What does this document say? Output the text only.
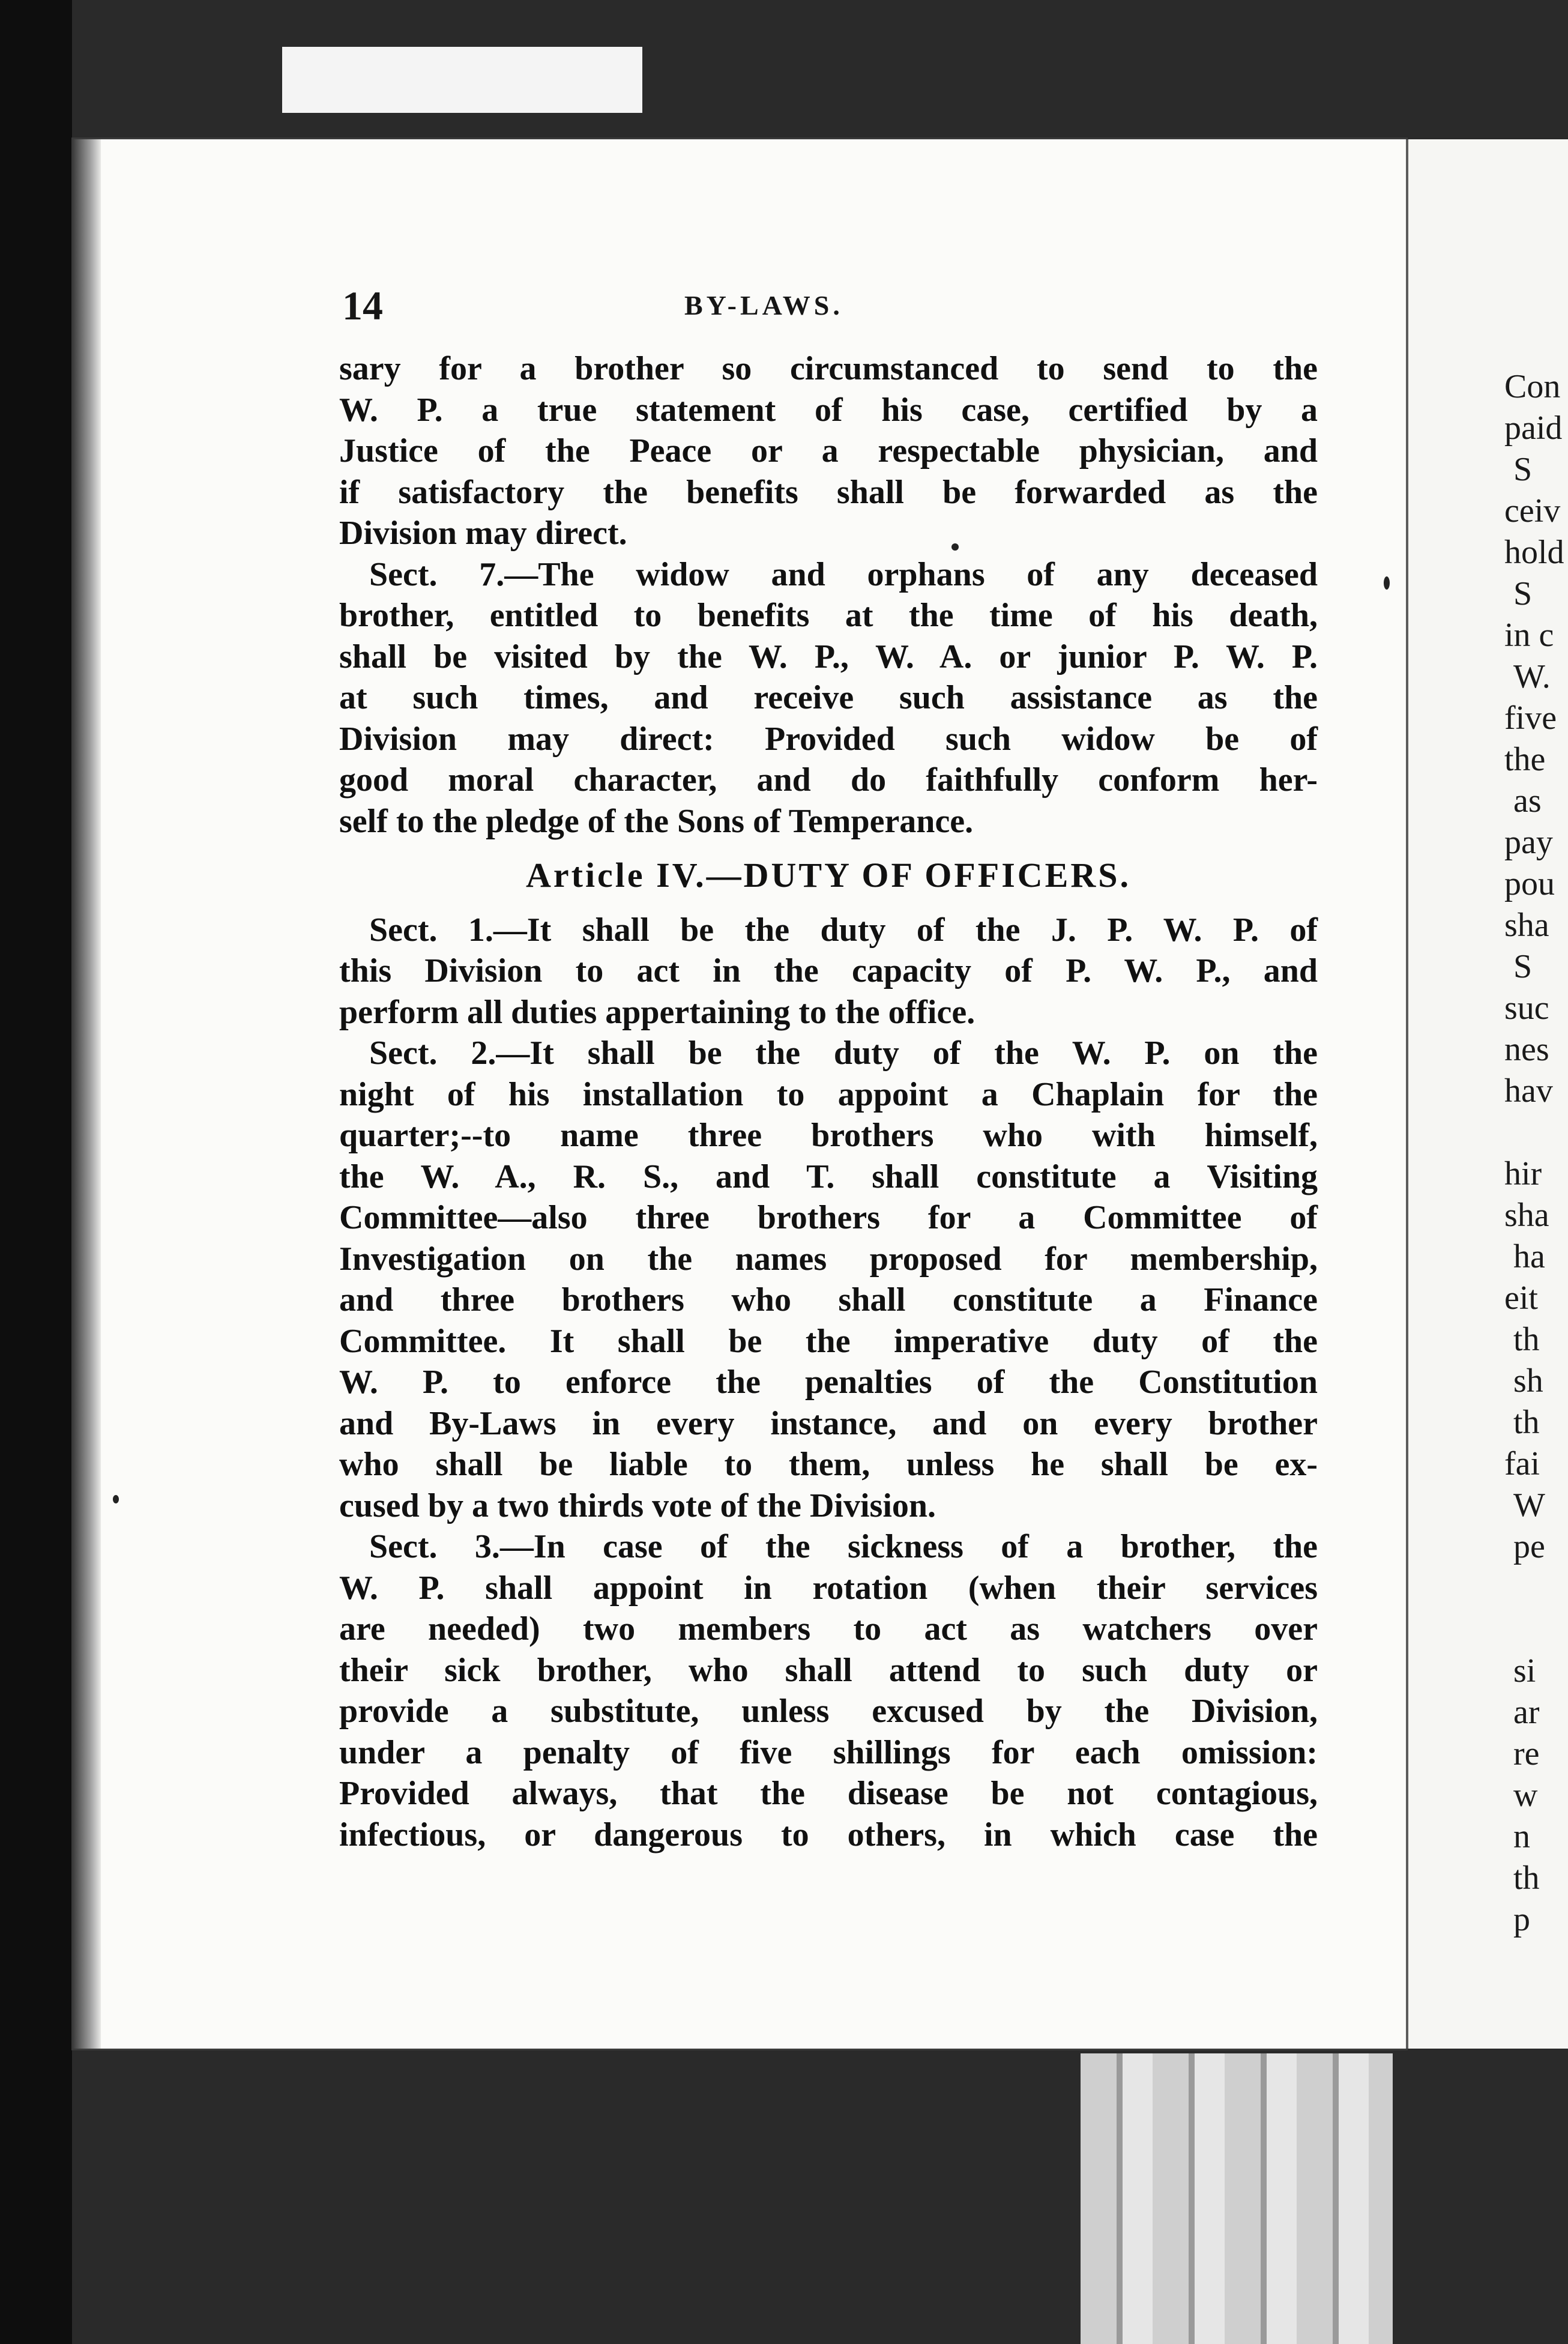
Con
paid
S
ceiv
hold
S
in c
W.
five
the
as
pay
pou
sha
S
suc
nes
hav
hir
sha
ha
eit
th
sh
th
fai
W
pe
si
ar
re
w
n
th
p
14	BY-LAWS.
sary for a brother so circumstanced to send to the
W. P. a true statement of his case, certified by a
Justice of the Peace or a respectable physician, and
if satisfactory the benefits shall be forwarded as the
Division may direct.
Sect. 7.—The widow and orphans of any deceased
brother, entitled to benefits at the time of his death,
shall be visited by the W. P., W. A. or junior P. W. P.
at such times, and receive such assistance as the
Division may direct: Provided such widow be of
good moral character, and do faithfully conform her-
self to the pledge of the Sons of Temperance.
Article IV.—DUTY OF OFFICERS.
Sect. 1.—It shall be the duty of the J. P. W. P. of
this Division to act in the capacity of P. W. P., and
perform all duties appertaining to the office.
Sect. 2.—It shall be the duty of the W. P. on the
night of his installation to appoint a Chaplain for the
quarter;--to name three brothers who with himself,
the W. A., R. S., and T. shall constitute a Visiting
Committee—also three brothers for a Committee of
Investigation on the names proposed for membership,
and three brothers who shall constitute a Finance
Committee. It shall be the imperative duty of the
W. P. to enforce the penalties of the Constitution
and By-Laws in every instance, and on every brother
who shall be liable to them, unless he shall be ex-
cused by a two thirds vote of the Division.
Sect. 3.—In case of the sickness of a brother, the
W. P. shall appoint in rotation (when their services
are needed) two members to act as watchers over
their sick brother, who shall attend to such duty or
provide a substitute, unless excused by the Division,
under a penalty of five shillings for each omission:
Provided always, that the disease be not contagious,
infectious, or dangerous to others, in which case the
